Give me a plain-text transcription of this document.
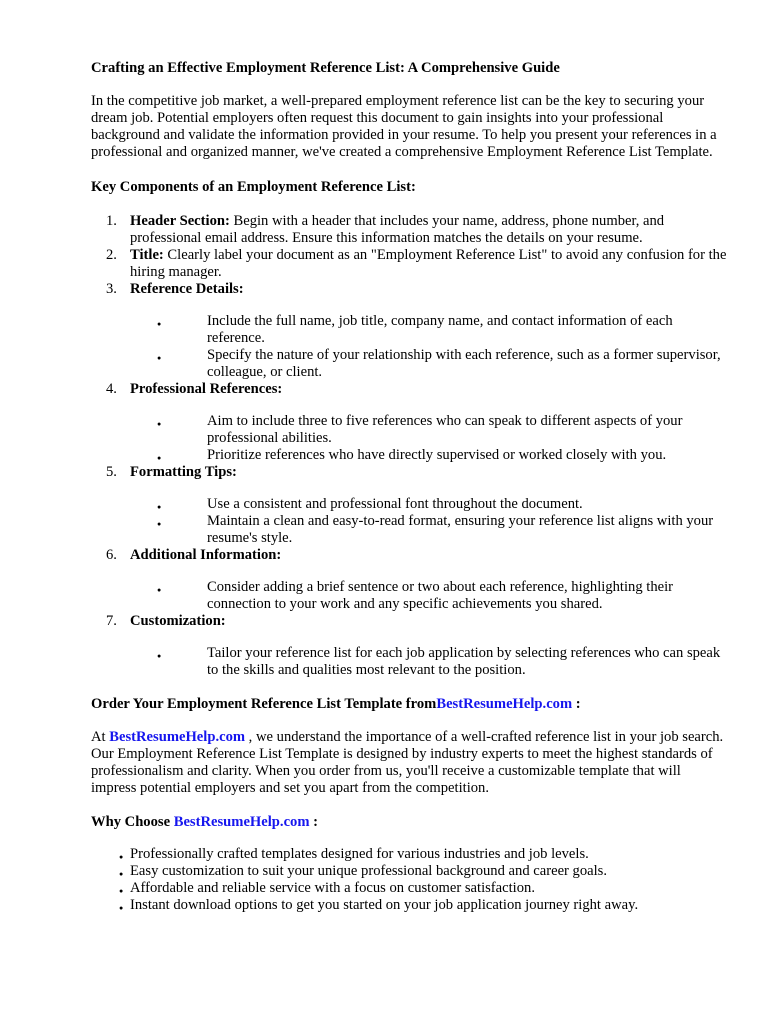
Crafting an Effective Employment Reference List: A Comprehensive Guide

In the competitive job market, a well-prepared employment reference list can be the key to securing your dream job. Potential employers often request this document to gain insights into your professional background and validate the information provided in your resume. To help you present your references in a professional and organized manner, we've created a comprehensive Employment Reference List Template.

Key Components of an Employment Reference List:
1. Header Section: Begin with a header that includes your name, address, phone number, and professional email address. Ensure this information matches the details on your resume.
2. Title: Clearly label your document as an "Employment Reference List" to avoid any confusion for the hiring manager.
3. Reference Details:
●
Include the full name, job title, company name, and contact information of each reference.
●
Specify the nature of your relationship with each reference, such as a former supervisor, colleague, or client.
4. Professional References:
●
Aim to include three to five references who can speak to different aspects of your professional abilities.
●
Prioritize references who have directly supervised or worked closely with you.
5. Formatting Tips:
●
Use a consistent and professional font throughout the document.
●
Maintain a clean and easy-to-read format, ensuring your reference list aligns with your resume's style.
6. Additional Information:
●
Consider adding a brief sentence or two about each reference, highlighting their connection to your work and any specific achievements you shared.
7. Customization:
●
Tailor your reference list for each job application by selecting references who can speak to the skills and qualities most relevant to the position.
Order Your Employment Reference List Template fromBestResumeHelp.com :

At BestResumeHelp.com , we understand the importance of a well-crafted reference list in your job search. Our Employment Reference List Template is designed by industry experts to meet the highest standards of professionalism and clarity. When you order from us, you'll receive a customizable template that will impress potential employers and set you apart from the competition.

Why Choose BestResumeHelp.com :
●
Professionally crafted templates designed for various industries and job levels.
●
Easy customization to suit your unique professional background and career goals.
●
Affordable and reliable service with a focus on customer satisfaction.
●
Instant download options to get you started on your job application journey right away.
